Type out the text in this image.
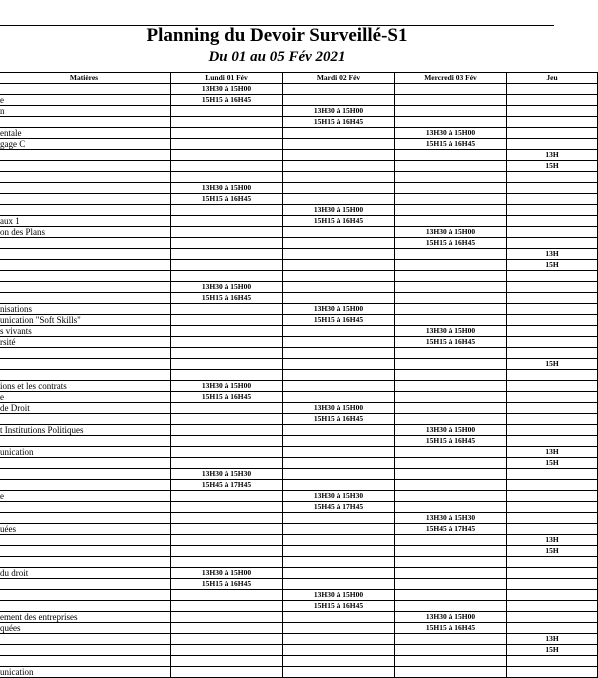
Planning du Devoir Surveillé-S1
Du 01 au 05 Fév 2021
Matières	Lundi 01 Fév	Mardi 02 Fév	Mercredi 03 Fév	Jeu
	13H30 à 15H00			
e	15H15 à 16H45			
n		13H30 à 15H00		
		15H15 à 16H45		
entale			13H30 à 15H00	
gage C			15H15 à 16H45	
				13H
				15H

	13H30 à 15H00			
	15H15 à 16H45			
		13H30 à 15H00		
aux 1		15H15 à 16H45		
on des Plans			13H30 à 15H00	
			15H15 à 16H45	
				13H
				15H

	13H30 à 15H00			
	15H15 à 16H45			
nisations		13H30 à 15H00		
unication "Soft Skills"		15H15 à 16H45		
s vivants			13H30 à 15H00	
rsité			15H15 à 16H45	

				15H

ions et les contrats	13H30 à 15H00			
e	15H15 à 16H45			
de Droit		13H30 à 15H00		
		15H15 à 16H45		
t Institutions Politiques			13H30 à 15H00	
			15H15 à 16H45	
unication				13H
				15H
	13H30 à 15H30			
	15H45 à 17H45			
e		13H30 à 15H30		
		15H45 à 17H45		
			13H30 à 15H30	
uées			15H45 à 17H45	
				13H
				15H

du droit	13H30 à 15H00			
	15H15 à 16H45			
		13H30 à 15H00		
		15H15 à 16H45		
ement des entreprises			13H30 à 15H00	
quées			15H15 à 16H45	
				13H
				15H

unication				
